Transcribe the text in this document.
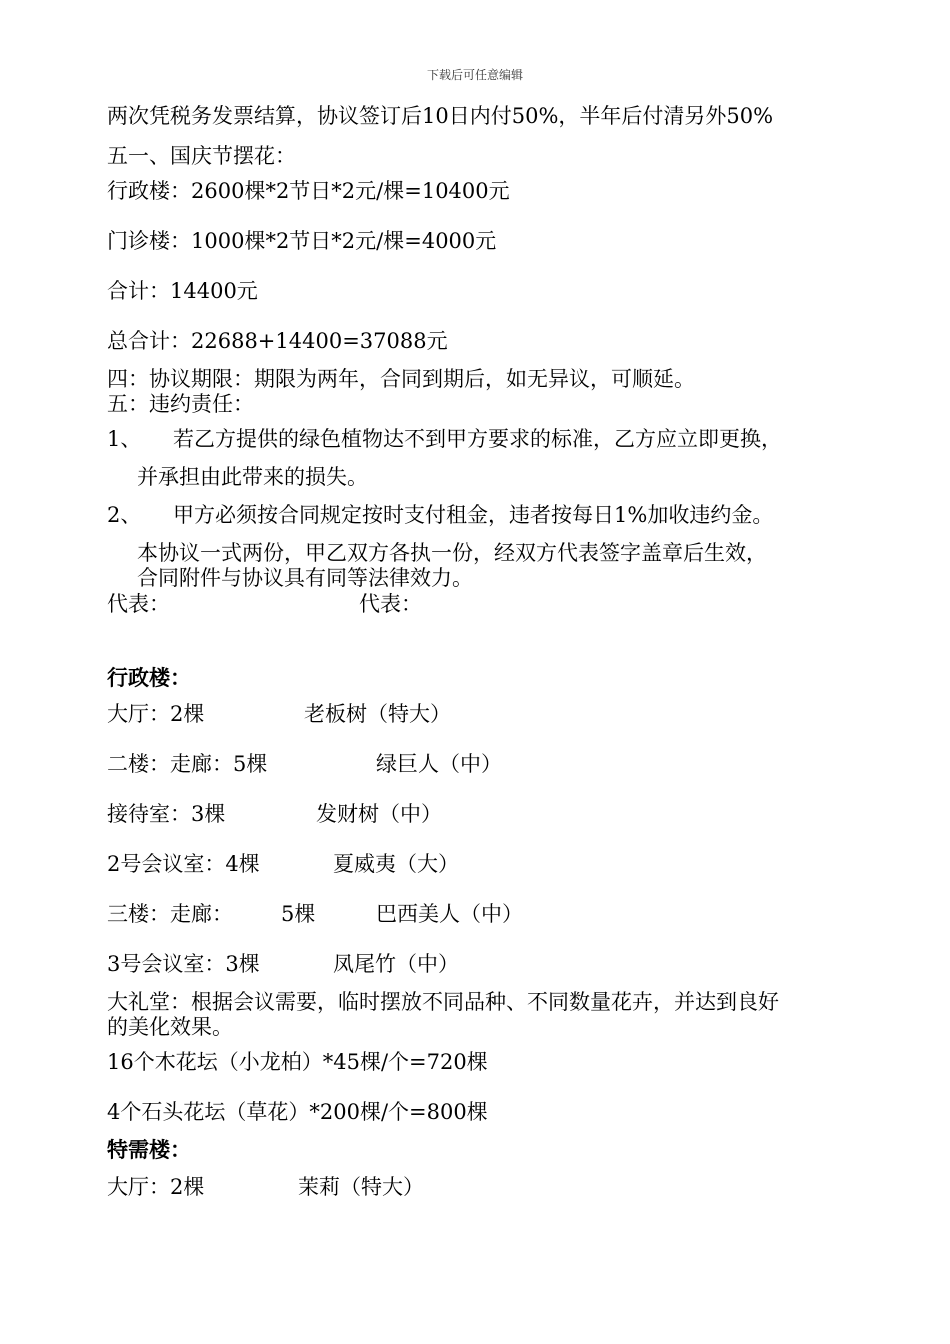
下载后可任意编辑
两次凭税务发票结算，协议签订后10日内付50%，半年后付清另外50%
五一、国庆节摆花：
行政楼：2600棵*2节日*2元/棵=10400元
门诊楼：1000棵*2节日*2元/棵=4000元
合计：14400元
总合计：22688+14400=37088元
四：协议期限：期限为两年，合同到期后，如无异议，可顺延。
五：违约责任：
1、 若乙方提供的绿色植物达不到甲方要求的标准，乙方应立即更换，
并承担由此带来的损失。
2、 甲方必须按合同规定按时支付租金，违者按每日1%加收违约金。
本协议一式两份，甲乙双方各执一份，经双方代表签字盖章后生效，
合同附件与协议具有同等法律效力。
代表：	代表：
行政楼：
大厅：2棵	老板树（特大）
二楼：走廊：5棵	绿巨人（中）
接待室：3棵	发财树（中）
2号会议室：4棵	夏威夷（大）
三楼：走廊： 5棵	巴西美人（中）
3号会议室：3棵	凤尾竹（中）
大礼堂：根据会议需要，临时摆放不同品种、不同数量花卉，并达到良好
的美化效果。
16个木花坛（小龙柏）*45棵/个=720棵
4个石头花坛（草花）*200棵/个=800棵
特需楼：
大厅：2棵	茉莉（特大）
